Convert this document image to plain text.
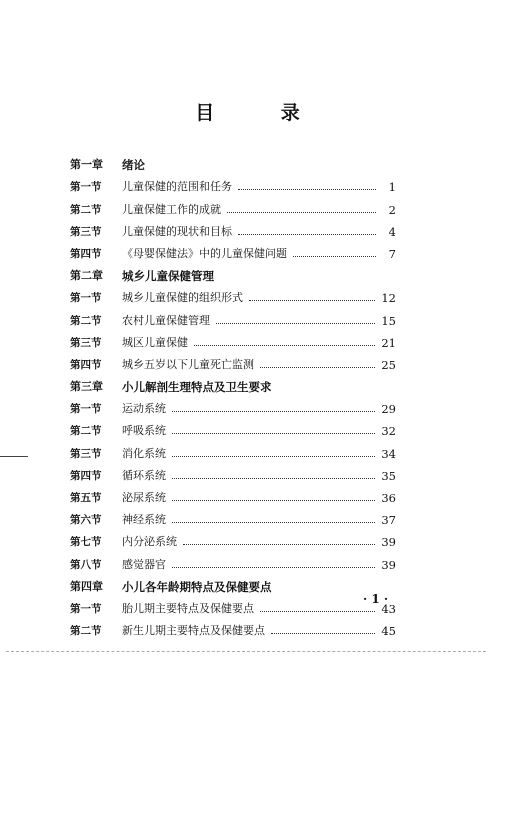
目 录
第一章	绪论
第一节	儿童保健的范围和任务	1
第二节	儿童保健工作的成就	2
第三节	儿童保健的现状和目标	4
第四节	《母婴保健法》中的儿童保健问题	7
第二章	城乡儿童保健管理
第一节	城乡儿童保健的组织形式	12
第二节	农村儿童保健管理	15
第三节	城区儿童保健	21
第四节	城乡五岁以下儿童死亡监测	25
第三章	小儿解剖生理特点及卫生要求
第一节	运动系统	29
第二节	呼吸系统	32
第三节	消化系统	34
第四节	循环系统	35
第五节	泌尿系统	36
第六节	神经系统	37
第七节	内分泌系统	39
第八节	感觉器官	39
第四章	小儿各年龄期特点及保健要点
第一节	胎儿期主要特点及保健要点	43
第二节	新生儿期主要特点及保健要点	45
· 1 ·
